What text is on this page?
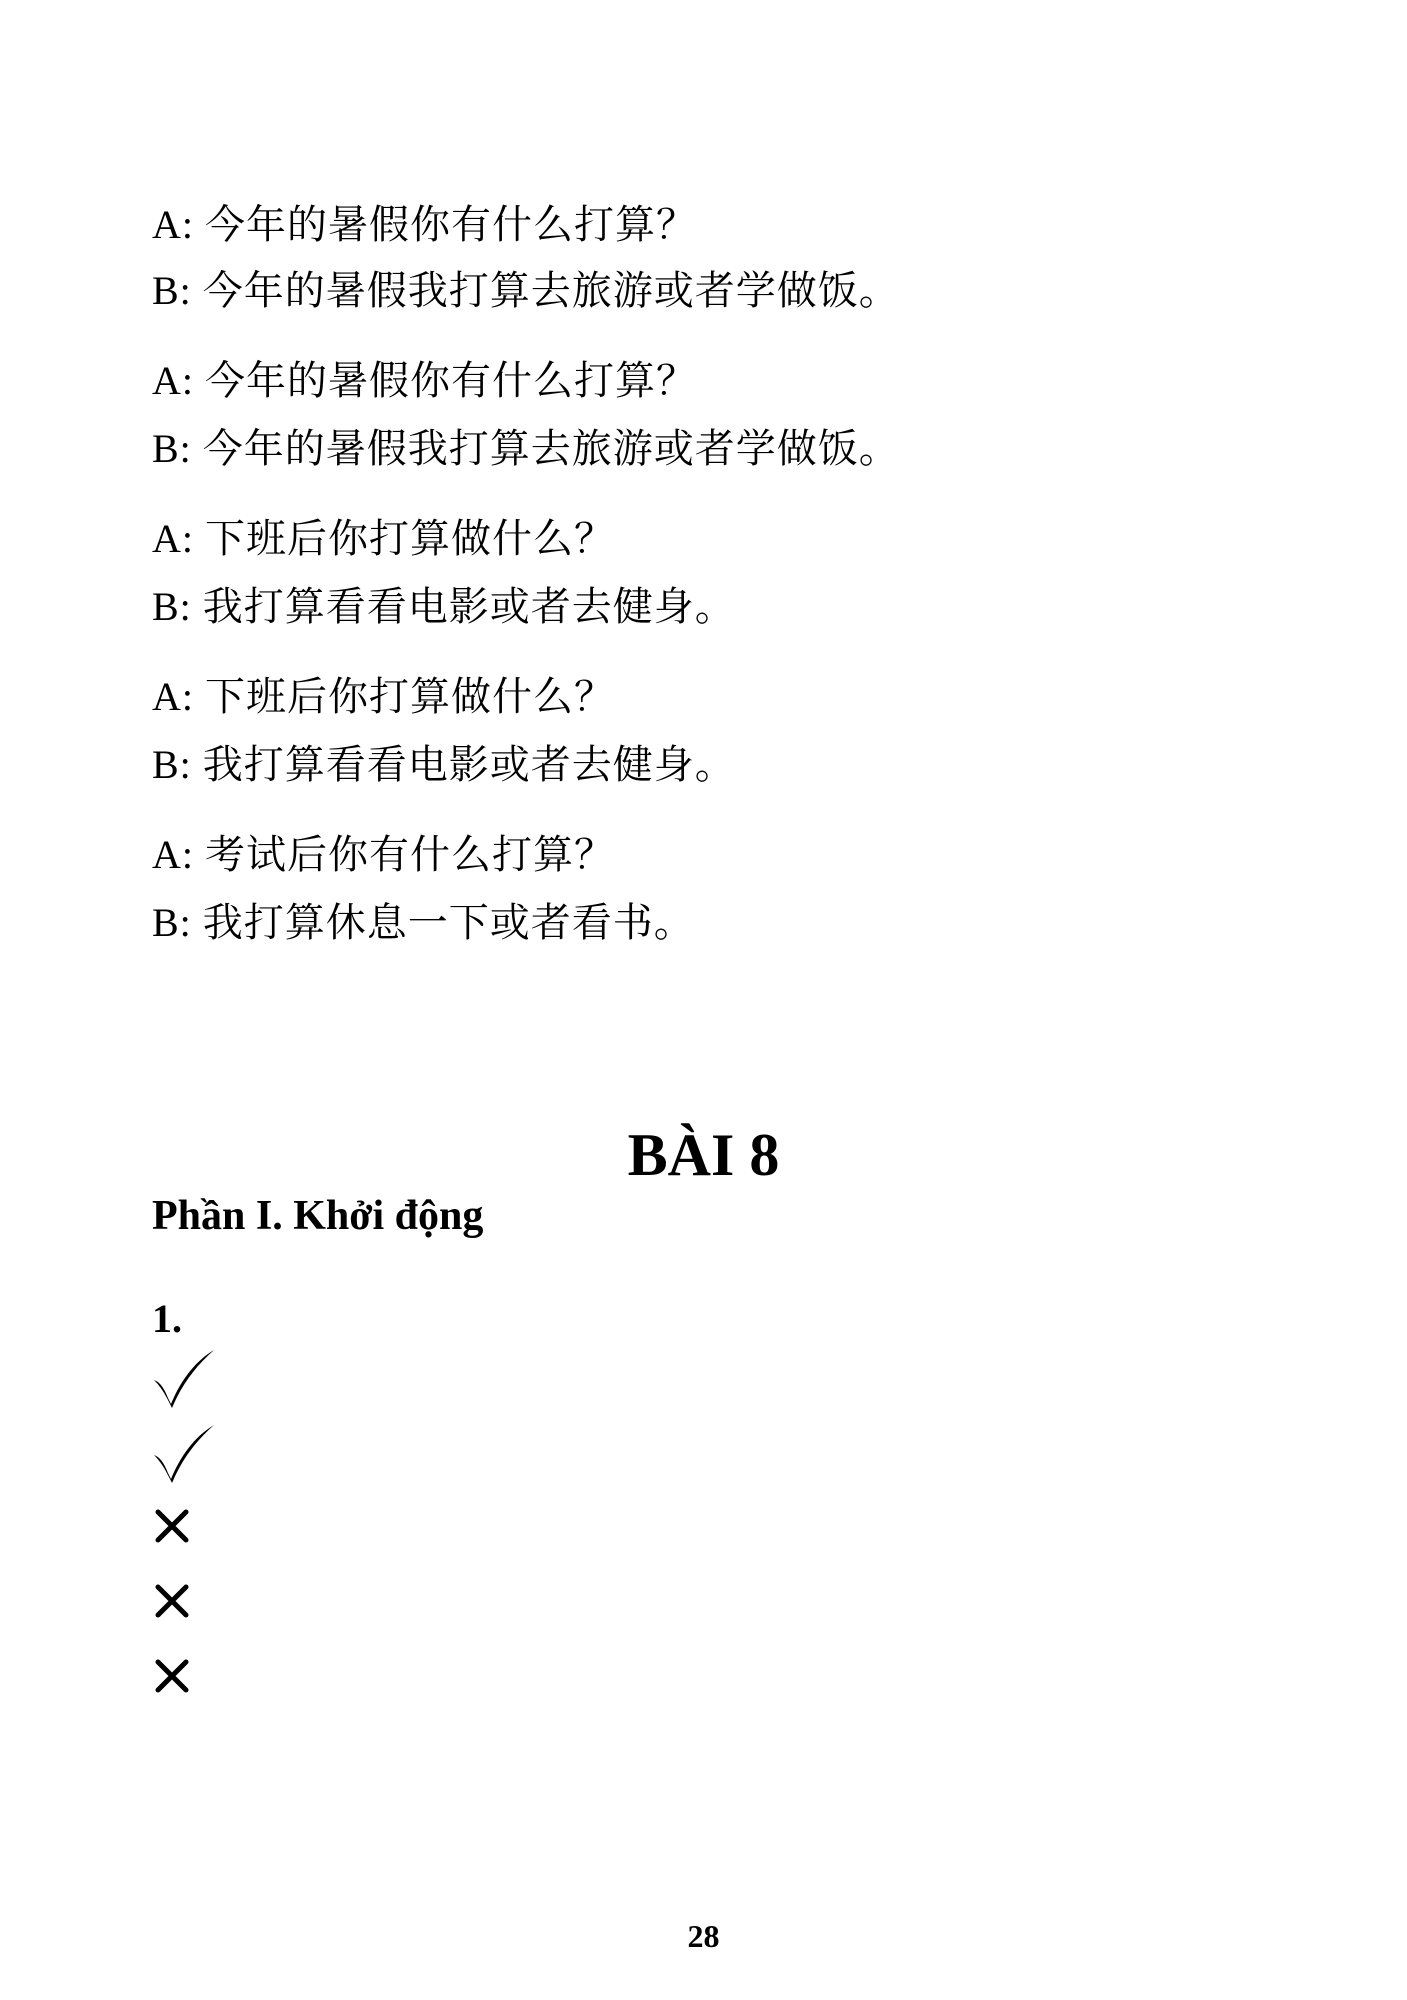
A: 今年的暑假你有什么打算？
B: 今年的暑假我打算去旅游或者学做饭。
A: 今年的暑假你有什么打算？
B: 今年的暑假我打算去旅游或者学做饭。
A: 下班后你打算做什么？
B: 我打算看看电影或者去健身。
A: 下班后你打算做什么？
B: 我打算看看电影或者去健身。
A: 考试后你有什么打算？
B: 我打算休息一下或者看书。
BÀI 8
Phần I. Khởi động
1.
28
